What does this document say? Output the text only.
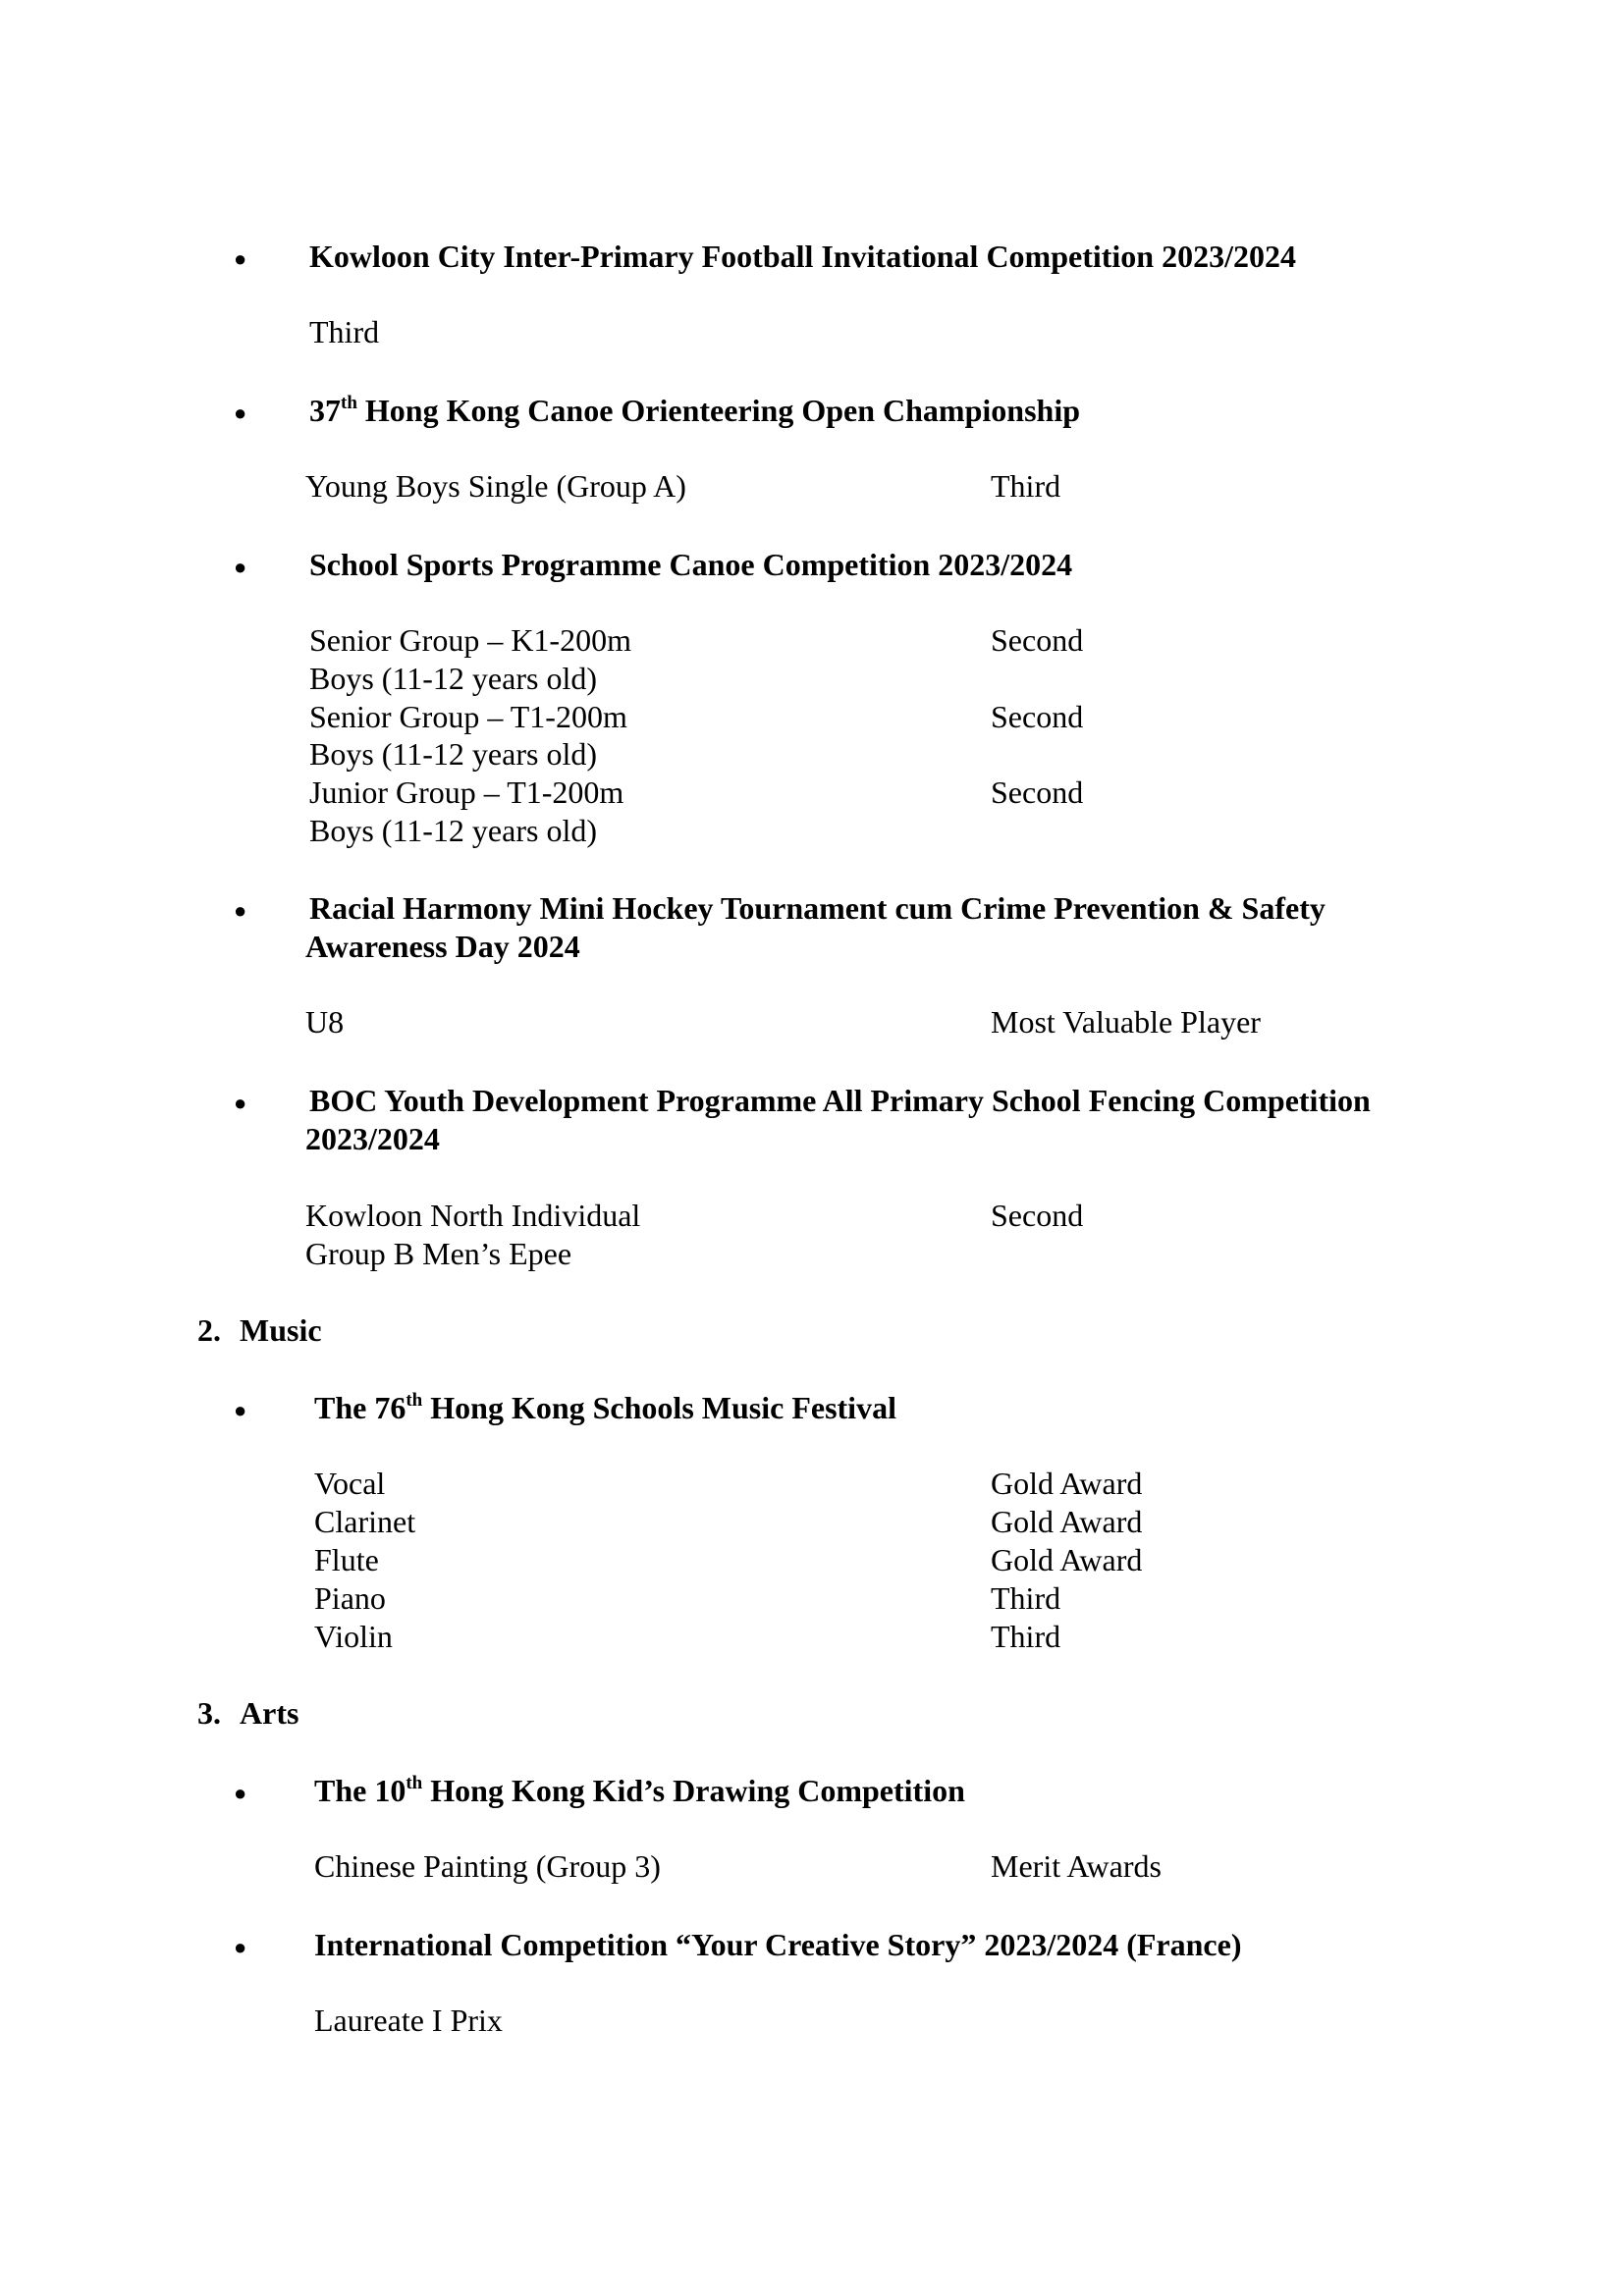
● Kowloon City Inter-Primary Football Invitational Competition 2023/2024
Third
● 37th Hong Kong Canoe Orienteering Open Championship
Young Boys Single (Group A)	Third
● School Sports Programme Canoe Competition 2023/2024
Senior Group – K1-200m	Second
Boys (11-12 years old)
Senior Group – T1-200m	Second
Boys (11-12 years old)
Junior Group – T1-200m	Second
Boys (11-12 years old)
● Racial Harmony Mini Hockey Tournament cum Crime Prevention & Safety
Awareness Day 2024
U8	Most Valuable Player
● BOC Youth Development Programme All Primary School Fencing Competition
2023/2024
Kowloon North Individual	Second
Group B Men’s Epee
2. Music
● The 76th Hong Kong Schools Music Festival
Vocal	Gold Award
Clarinet	Gold Award
Flute	Gold Award
Piano	Third
Violin	Third
3. Arts
● The 10th Hong Kong Kid’s Drawing Competition
Chinese Painting (Group 3)	Merit Awards
● International Competition “Your Creative Story” 2023/2024 (France)
Laureate I Prix
